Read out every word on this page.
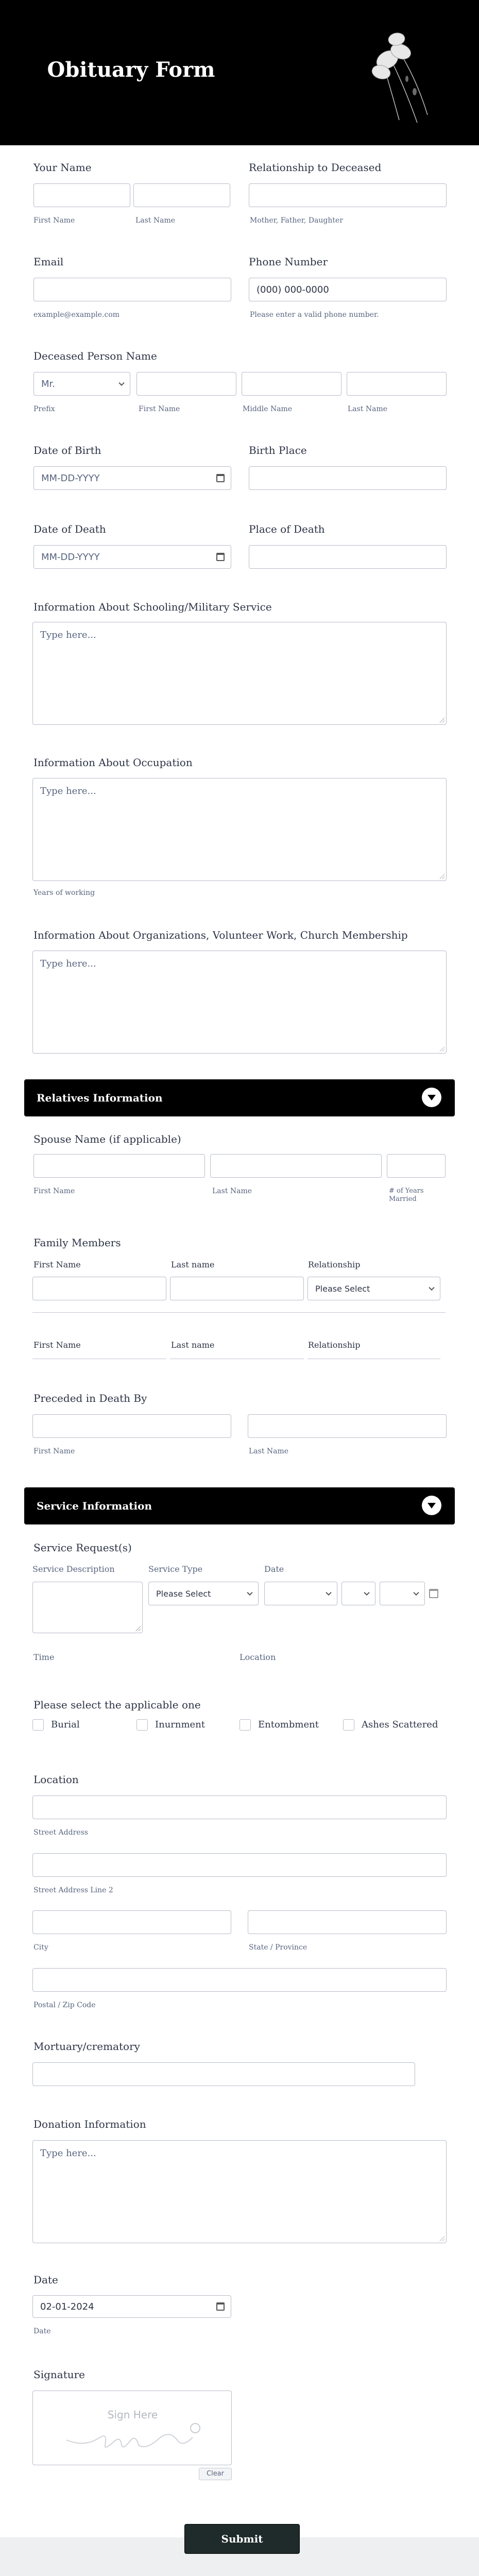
Obituary Form
Your Name
First Name	Last Name
Relationship to Deceased
Mother, Father, Daughter
Email
example@example.com
Phone Number
(000) 000-0000
Please enter a valid phone number.
Deceased Person Name
Mr.
Prefix	First Name	Middle Name	Last Name
Date of Birth
MM-DD-YYYY
Birth Place
Date of Death
MM-DD-YYYY
Place of Death
Information About Schooling/Military Service
Type here...
Information About Occupation
Type here...
Years of working
Information About Organizations, Volunteer Work, Church Membership
Type here...
Relatives Information
Spouse Name (if applicable)
First Name	Last Name	# of Years Married
Family Members
First Name	Last name	Relationship
Please Select
First Name	Last name	Relationship
Preceded in Death By
First Name	Last Name
Service Information
Service Request(s)
Service Description	Service Type	Date
Please Select
Time	Location
Please select the applicable one
Burial	Inurnment	Entombment	Ashes Scattered
Location
Street Address
Street Address Line 2
City	State / Province
Postal / Zip Code
Mortuary/crematory
Donation Information
Type here...
Date
02-01-2024
Date
Signature
Sign Here
Clear
Submit
